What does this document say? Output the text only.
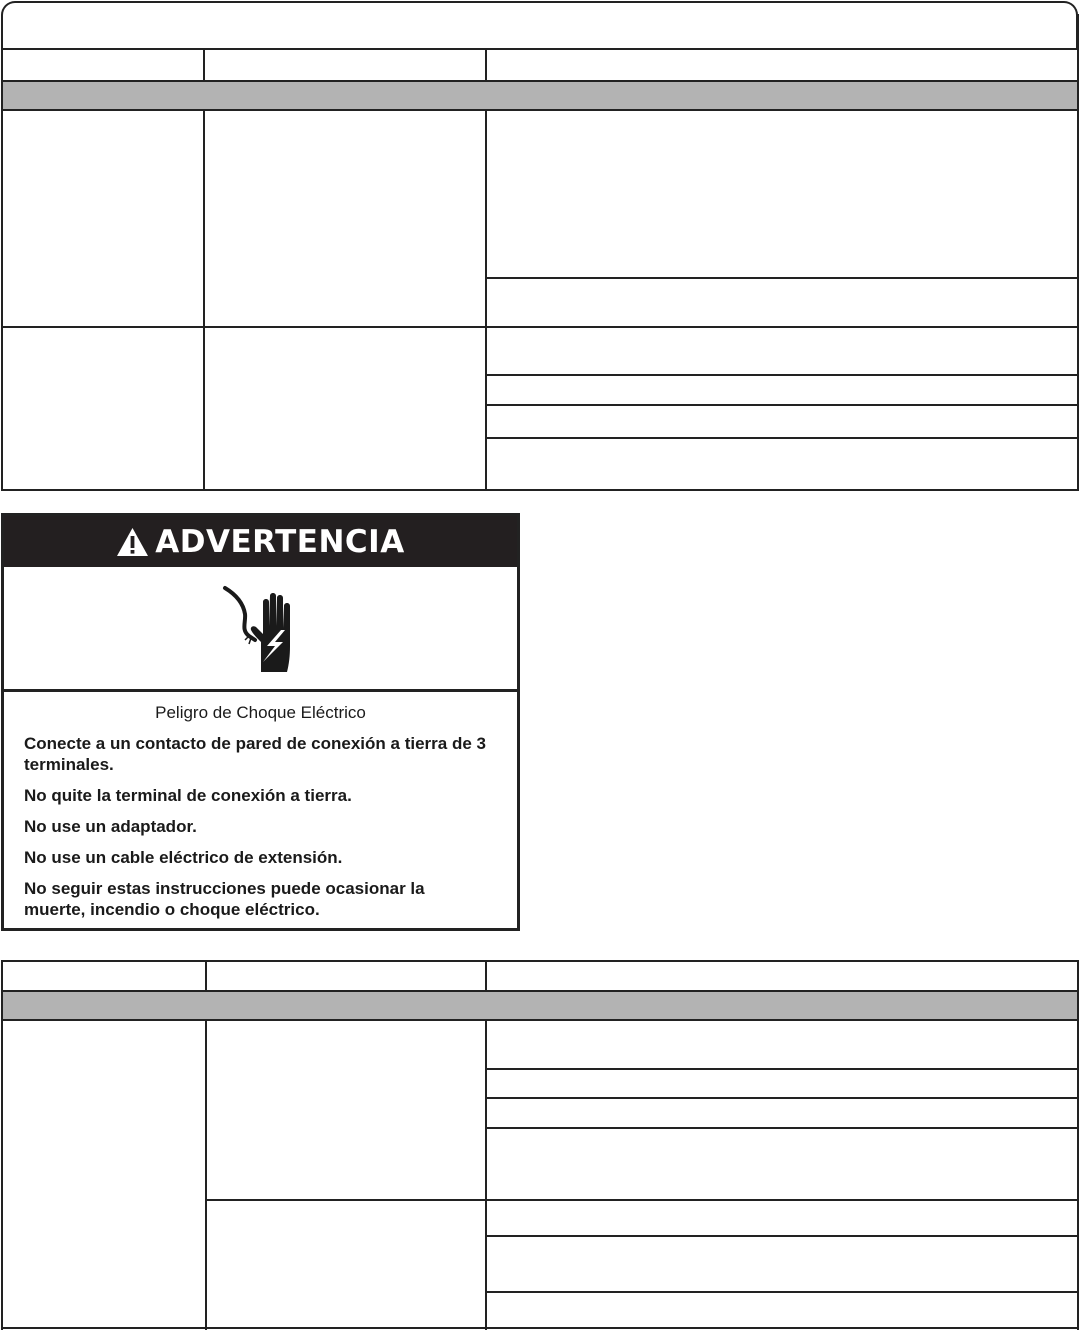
ADVERTENCIA
Peligro de Choque Eléctrico
Conecte a un contacto de pared de conexión a tierra de 3 terminales.
No quite la terminal de conexión a tierra.
No use un adaptador.
No use un cable eléctrico de extensión.
No seguir estas instrucciones puede ocasionar la muerte, incendio o choque eléctrico.
